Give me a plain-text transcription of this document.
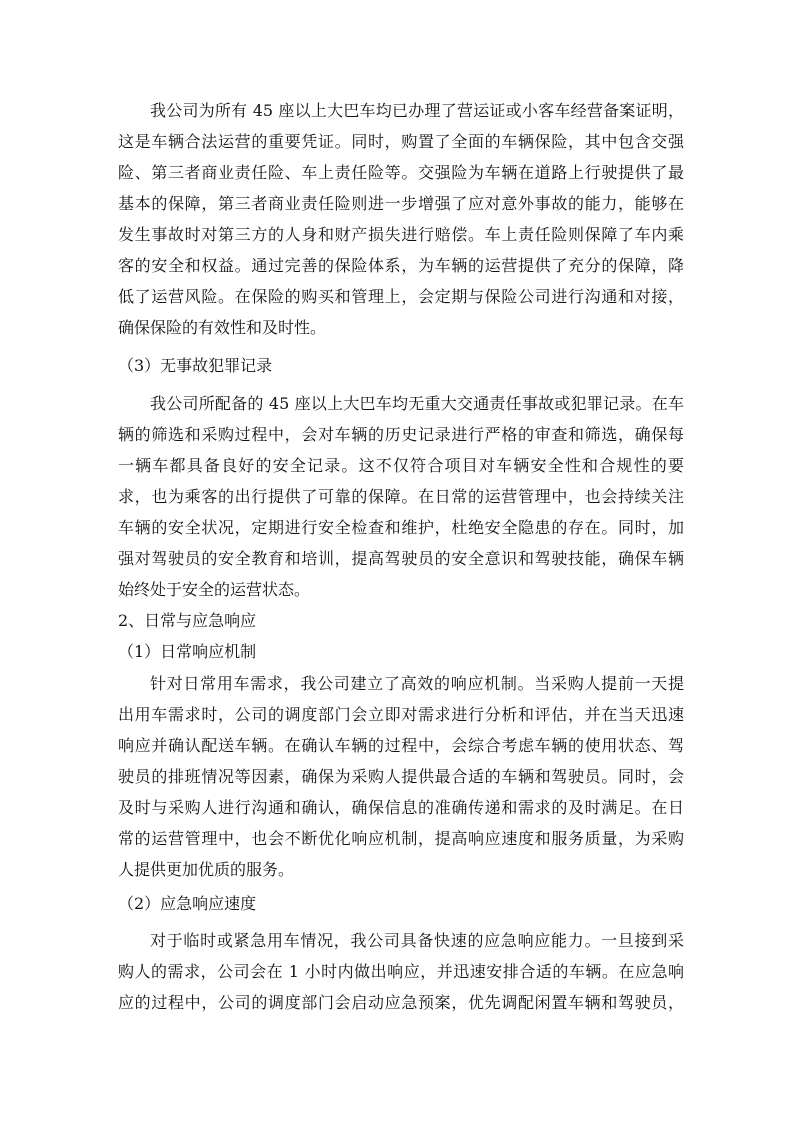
我公司为所有 45 座以上大巴车均已办理了营运证或小客车经营备案证明，
这是车辆合法运营的重要凭证。同时，购置了全面的车辆保险，其中包含交强
险、第三者商业责任险、车上责任险等。交强险为车辆在道路上行驶提供了最
基本的保障，第三者商业责任险则进一步增强了应对意外事故的能力，能够在
发生事故时对第三方的人身和财产损失进行赔偿。车上责任险则保障了车内乘
客的安全和权益。通过完善的保险体系，为车辆的运营提供了充分的保障，降
低了运营风险。在保险的购买和管理上，会定期与保险公司进行沟通和对接，
确保保险的有效性和及时性。
（3）无事故犯罪记录
我公司所配备的 45 座以上大巴车均无重大交通责任事故或犯罪记录。在车
辆的筛选和采购过程中，会对车辆的历史记录进行严格的审查和筛选，确保每
一辆车都具备良好的安全记录。这不仅符合项目对车辆安全性和合规性的要
求，也为乘客的出行提供了可靠的保障。在日常的运营管理中，也会持续关注
车辆的安全状况，定期进行安全检查和维护，杜绝安全隐患的存在。同时，加
强对驾驶员的安全教育和培训，提高驾驶员的安全意识和驾驶技能，确保车辆
始终处于安全的运营状态。
2、日常与应急响应
（1）日常响应机制
针对日常用车需求，我公司建立了高效的响应机制。当采购人提前一天提
出用车需求时，公司的调度部门会立即对需求进行分析和评估，并在当天迅速
响应并确认配送车辆。在确认车辆的过程中，会综合考虑车辆的使用状态、驾
驶员的排班情况等因素，确保为采购人提供最合适的车辆和驾驶员。同时，会
及时与采购人进行沟通和确认，确保信息的准确传递和需求的及时满足。在日
常的运营管理中，也会不断优化响应机制，提高响应速度和服务质量，为采购
人提供更加优质的服务。
（2）应急响应速度
对于临时或紧急用车情况，我公司具备快速的应急响应能力。一旦接到采
购人的需求，公司会在 1 小时内做出响应，并迅速安排合适的车辆。在应急响
应的过程中，公司的调度部门会启动应急预案，优先调配闲置车辆和驾驶员，
